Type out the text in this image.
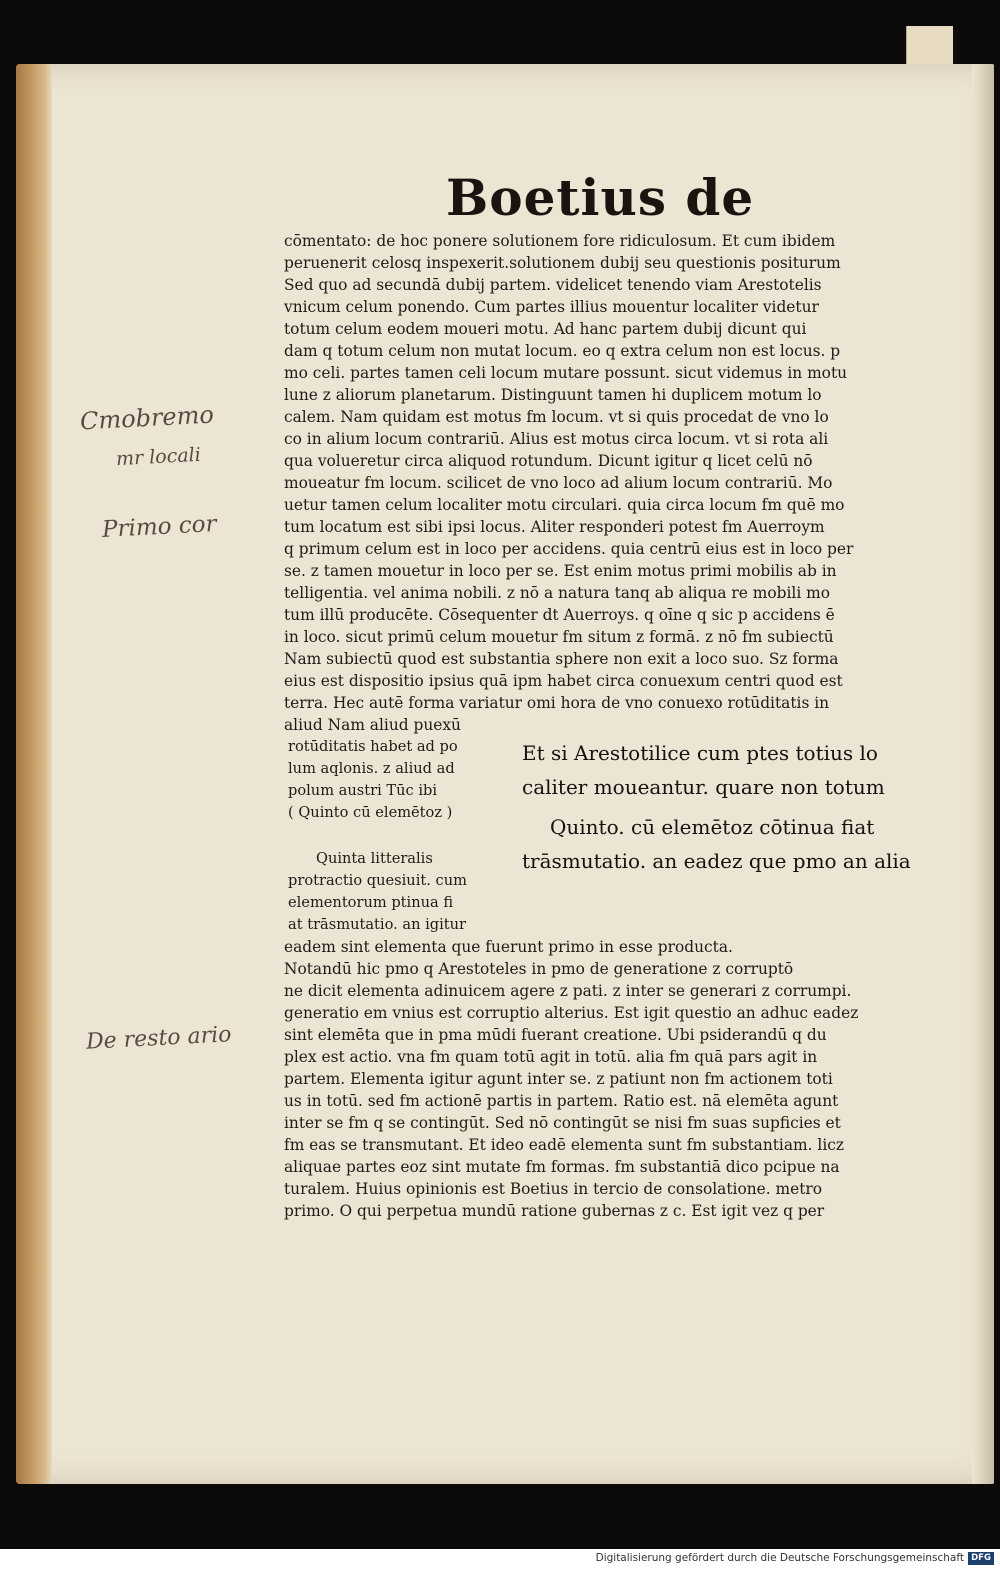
Boetius de
cōmentato: de hoc ponere solutionem fore ridiculosum. Et cum ibidem
peruenerit celosq inspexerit.solutionem dubij seu questionis positurum
Sed quo ad secundā dubij partem. videlicet tenendo viam Arestotelis
vnicum celum ponendo. Cum partes illius mouentur localiter videtur
totum celum eodem moueri motu. Ad hanc partem dubij dicunt qui
dam q totum celum non mutat locum. eo q extra celum non est locus. p
mo celi. partes tamen celi locum mutare possunt. sicut videmus in motu
lune z aliorum planetarum. Distinguunt tamen hi duplicem motum lo
calem. Nam quidam est motus fm locum. vt si quis procedat de vno lo
co in alium locum contrariū. Alius est motus circa locum. vt si rota ali
qua volueretur circa aliquod rotundum. Dicunt igitur q licet celū nō
moueatur fm locum. scilicet de vno loco ad alium locum contrariū. Mo
uetur tamen celum localiter motu circulari. quia circa locum fm quē mo
tum locatum est sibi ipsi locus. Aliter responderi potest fm Auerroym
q primum celum est in loco per accidens. quia centrū eius est in loco per
se. z tamen mouetur in loco per se. Est enim motus primi mobilis ab in
telligentia. vel anima nobili. z nō a natura tanq ab aliqua re mobili mo
tum illū producēte. Cōsequenter dt Auerroys. q oīne q sic p accidens ē
in loco. sicut primū celum mouetur fm situm z formā. z nō fm subiectū
Nam subiectū quod est substantia sphere non exit a loco suo. Sz forma
eius est dispositio ipsius quā ipm habet circa conuexum centri quod est
terra. Hec autē forma variatur omi hora de vno conuexo rotūditatis in
aliud Nam aliud puexū
rotūditatis habet ad po
lum aqlonis. z aliud ad
polum austri Tūc ibi
( Quinto cū elemētoz )
Et si Arestotilice cum ptes totius lo
caliter moueantur. quare non totum
Quinto. cū elemētoz cōtinua fiat
trāsmutatio. an eadez que pmo an alia
Quinta litteralis
protractio quesiuit. cum
elementorum ptinua fi
at trāsmutatio. an igitur
eadem sint elementa que fuerunt primo in esse producta.
Notandū hic pmo q Arestoteles in pmo de generatione z corruptō
ne dicit elementa adinuicem agere z pati. z inter se generari z corrumpi.
generatio em vnius est corruptio alterius. Est igit questio an adhuc eadez
sint elemēta que in pma mūdi fuerant creatione. Ubi psiderandū q du
plex est actio. vna fm quam totū agit in totū. alia fm quā pars agit in
partem. Elementa igitur agunt inter se. z patiunt non fm actionem toti
us in totū. sed fm actionē partis in partem. Ratio est. nā elemēta agunt
inter se fm q se contingūt. Sed nō contingūt se nisi fm suas supficies et
fm eas se transmutant. Et ideo eadē elementa sunt fm substantiam. licz
aliquae partes eoz sint mutate fm formas. fm substantiā dico pcipue na
turalem. Huius opinionis est Boetius in tercio de consolatione. metro
primo. O qui perpetua mundū ratione gubernas z c. Est igit vez q per
Cmobremo
mr locali
Primo cor
De resto ario
Digitalisierung gefördert durch die Deutsche Forschungsgemeinschaft DFG
